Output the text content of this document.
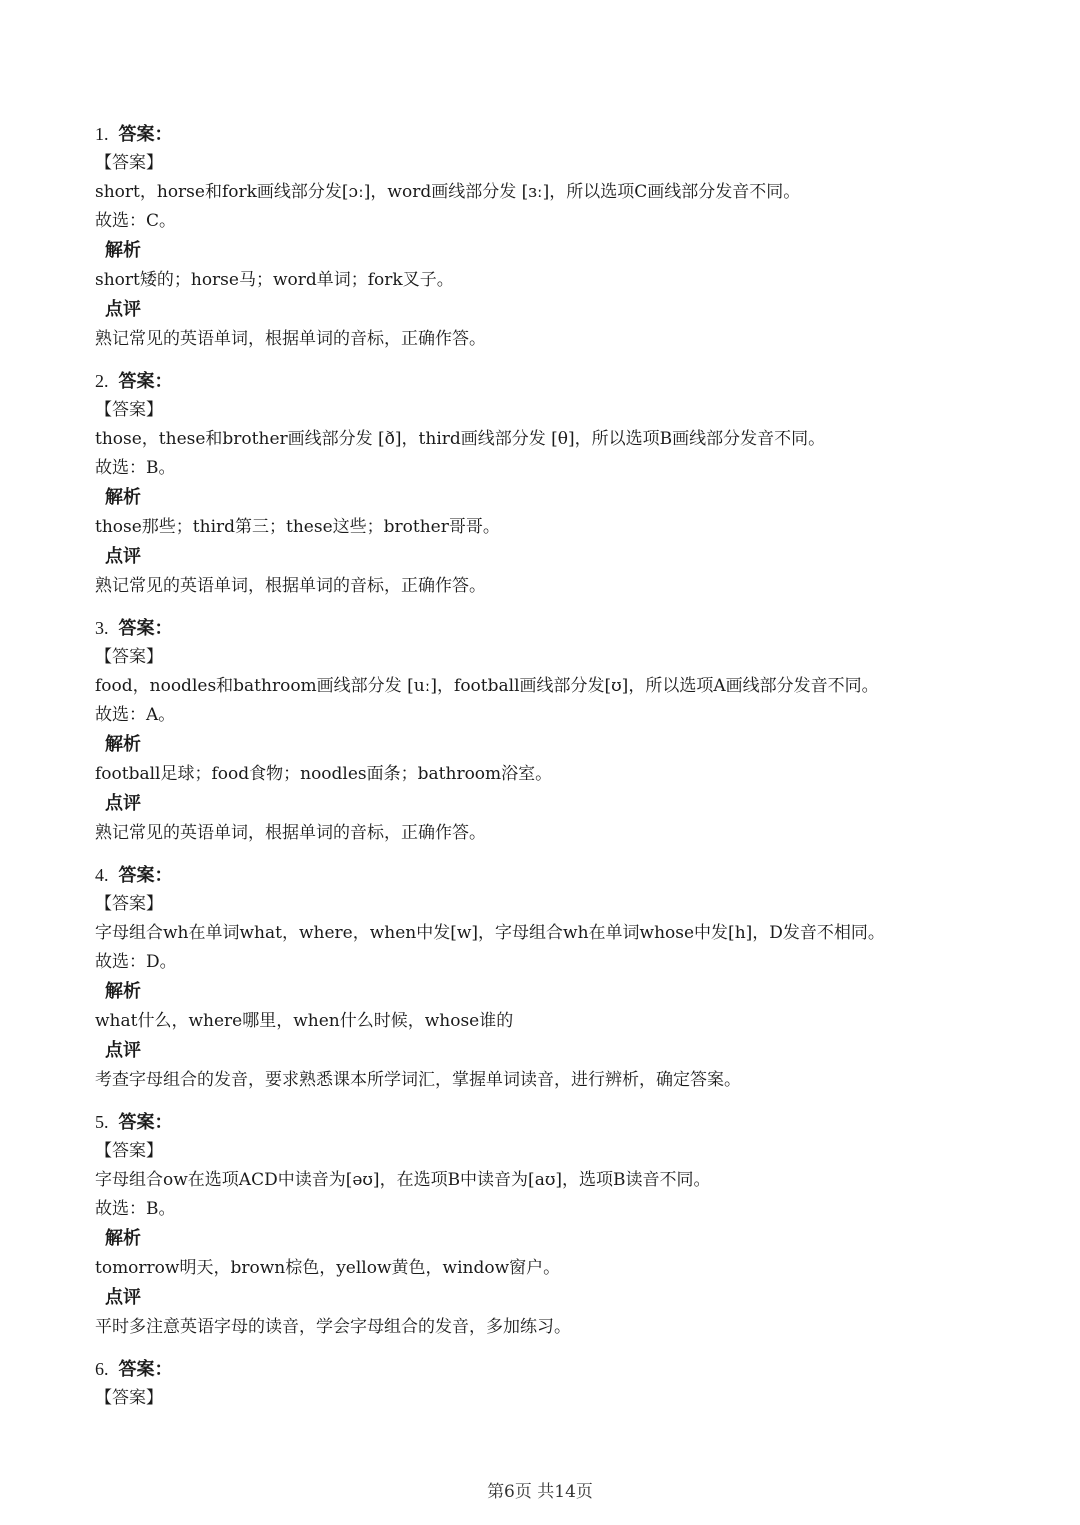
1. 答案：
【答案】
short，horse和fork画线部分发[ɔː]，word画线部分发 [ɜː]，所以选项C画线部分发音不同。
故选：C。
解析
short矮的；horse马；word单词；fork叉子。
点评
熟记常见的英语单词，根据单词的音标，正确作答。
2. 答案：
【答案】
those，these和brother画线部分发 [ð]，third画线部分发 [θ]，所以选项B画线部分发音不同。
故选：B。
解析
those那些；third第三；these这些；brother哥哥。
点评
熟记常见的英语单词，根据单词的音标，正确作答。
3. 答案：
【答案】
food，noodles和bathroom画线部分发 [uː]，football画线部分发[ʊ]，所以选项A画线部分发音不同。
故选：A。
解析
football足球；food食物；noodles面条；bathroom浴室。
点评
熟记常见的英语单词，根据单词的音标，正确作答。
4. 答案：
【答案】
字母组合wh在单词what，where，when中发[w]，字母组合wh在单词whose中发[h]，D发音不相同。
故选：D。
解析
what什么，where哪里，when什么时候，whose谁的
点评
考查字母组合的发音，要求熟悉课本所学词汇，掌握单词读音，进行辨析，确定答案。
5. 答案：
【答案】
字母组合ow在选项ACD中读音为[əʊ]，在选项B中读音为[aʊ]，选项B读音不同。
故选：B。
解析
tomorrow明天，brown棕色，yellow黄色，window窗户。
点评
平时多注意英语字母的读音，学会字母组合的发音，多加练习。
6. 答案：
【答案】
第6页 共14页
